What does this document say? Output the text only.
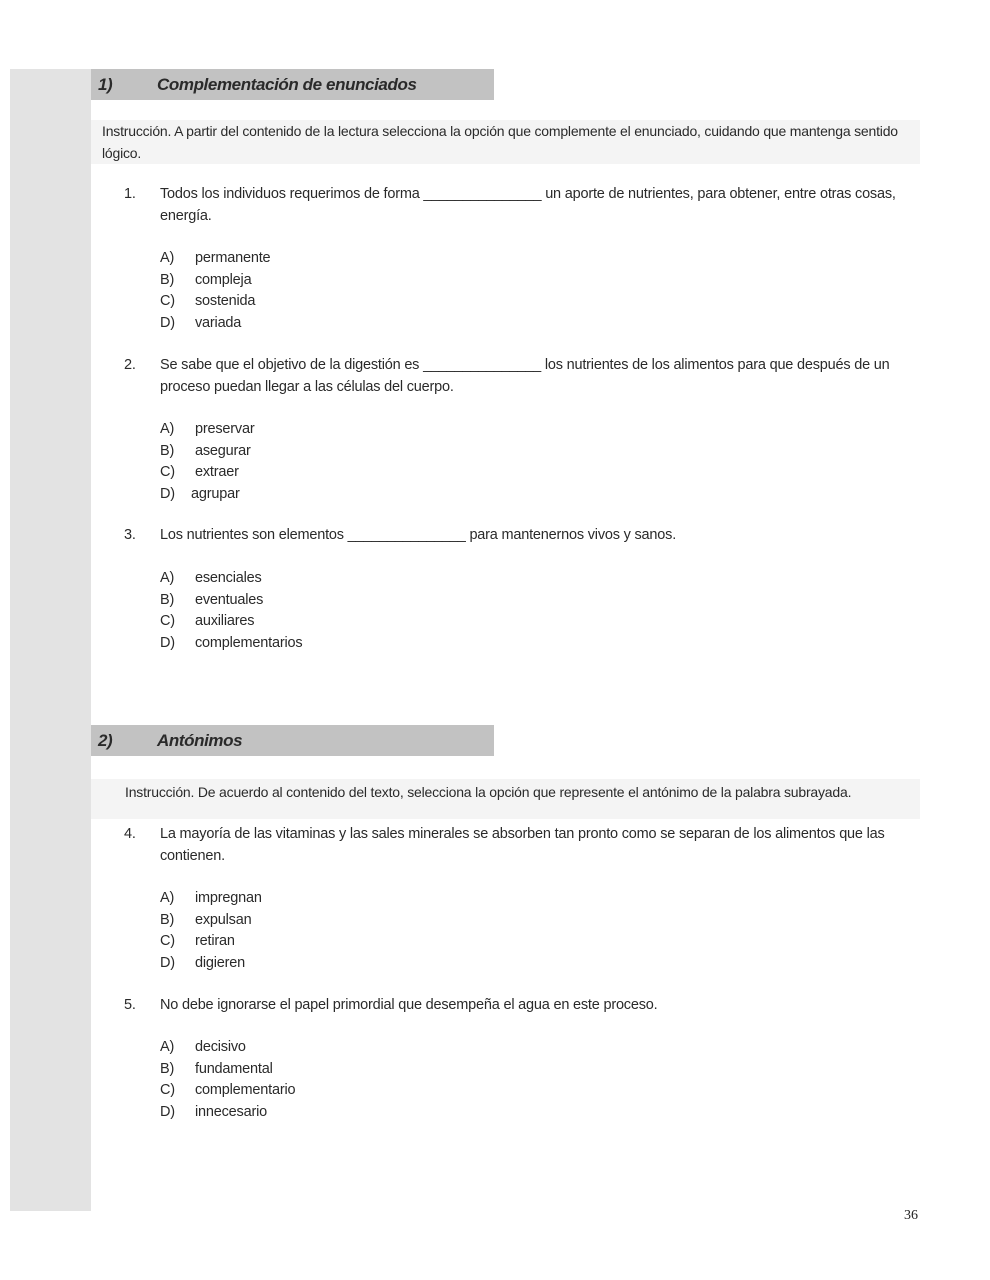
1)	Complementación de enunciados
Instrucción. A partir del contenido de la lectura selecciona la opción que complemente el enunciado, cuidando que mantenga sentido lógico.
1. Todos los individuos requerimos de forma _______________ un aporte de nutrientes, para obtener, entre otras cosas, energía.
A)	permanente
B)	compleja
C)	sostenida
D)	variada
2. Se sabe que el objetivo de la digestión es _______________ los nutrientes de los alimentos para que después de un proceso puedan llegar a las células del cuerpo.
A)	preservar
B)	asegurar
C)	extraer
D)	agrupar
3. Los nutrientes son elementos _______________ para mantenernos vivos y sanos.
A)	esenciales
B)	eventuales
C)	auxiliares
D)	complementarios
2)	Antónimos
Instrucción. De acuerdo al contenido del texto, selecciona la opción que represente el antónimo de la palabra subrayada.
4. La mayoría de las vitaminas y las sales minerales se absorben tan pronto como se separan de los alimentos que las contienen.
A)	impregnan
B)	expulsan
C)	retiran
D)	digieren
5. No debe ignorarse el papel primordial que desempeña el agua en este proceso.
A)	decisivo
B)	fundamental
C)	complementario
D)	innecesario
36
